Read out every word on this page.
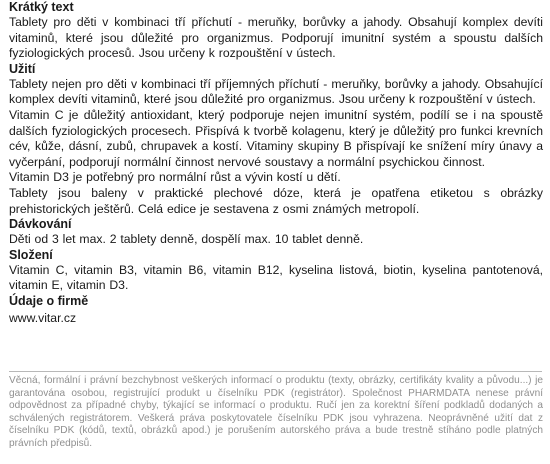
Krátký text

Tablety pro děti v kombinaci tří příchutí - meruňky, borůvky a jahody. Obsahují komplex devíti vitaminů, které jsou důležité pro organizmus. Podporují imunitní systém a spoustu dalších fyziologických procesů. Jsou určeny k rozpouštění v ústech.

Užití

Tablety nejen pro děti v kombinaci tří příjemných příchutí - meruňky, borůvky a jahody. Obsahující komplex devíti vitaminů, které jsou důležité pro organizmus. Jsou určeny k rozpouštění v ústech.

Vitamin C je důležitý antioxidant, který podporuje nejen imunitní systém, podílí se i na spoustě dalších fyziologických procesech. Přispívá k tvorbě kolagenu, který je důležitý pro funkci krevních cév, kůže, dásní, zubů, chrupavek a kostí. Vitaminy skupiny B přispívají ke snížení míry únavy a vyčerpání, podporují normální činnost nervové soustavy a normální psychickou činnost.

Vitamin D3 je potřebný pro normální růst a vývin kostí u dětí.

Tablety jsou baleny v praktické plechové dóze, která je opatřena etiketou s obrázky prehistorických ještěrů. Celá edice je sestavena z osmi známých metropolí.

Dávkování

Děti od 3 let max. 2 tablety denně, dospělí max. 10 tablet denně.

Složení

Vitamin C, vitamin B3, vitamin B6, vitamin B12, kyselina listová, biotin, kyselina pantotenová, vitamin E, vitamin D3.

Údaje o firmě
www.vitar.cz

Věcná, formální i právní bezchybnost veškerých informací o produktu (texty, obrázky, certifikáty kvality a původu...) je garantována osobou, registrující produkt u číselníku PDK (registrátor). Společnost PHARMDATA nenese právní odpovědnost za případné chyby, týkající se informací o produktu. Ručí jen za korektní šíření podkladů dodaných a schválených registrátorem. Veškerá práva poskytovatele číselníku PDK jsou vyhrazena. Neoprávněné užití dat z číselníku PDK (kódů, textů, obrázků apod.) je porušením autorského práva a bude trestně stíháno podle platných právních předpisů.
